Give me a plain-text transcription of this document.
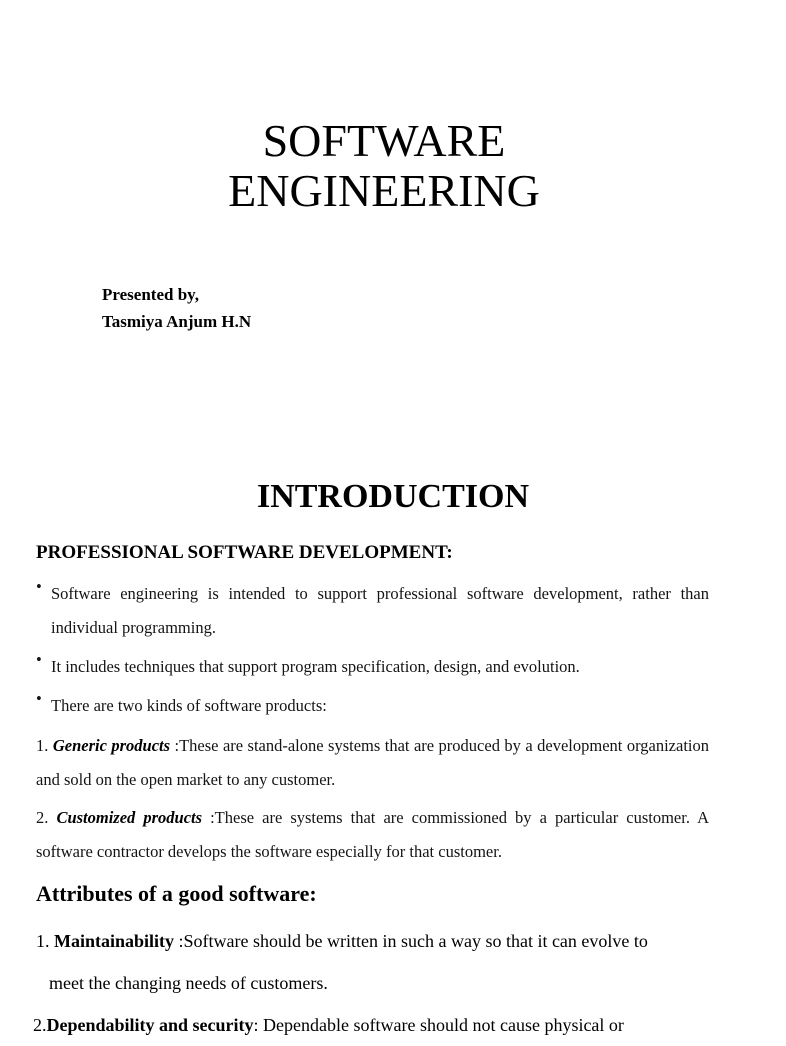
SOFTWARE
ENGINEERING
Presented by,
Tasmiya Anjum H.N
INTRODUCTION
PROFESSIONAL SOFTWARE DEVELOPMENT:
• Software engineering is intended to support professional software development, rather than individual programming.
• It includes techniques that support program specification, design, and evolution.
• There are two kinds of software products:
1. Generic products :These are stand-alone systems that are produced by a development organization and sold on the open market to any customer.
2. Customized products :These are systems that are commissioned by a particular customer. A software contractor develops the software especially for that customer.
Attributes of a good software:
1. Maintainability :Software should be written in such a way so that it can evolve to
meet the changing needs of customers.
2.Dependability and security: Dependable software should not cause physical or
